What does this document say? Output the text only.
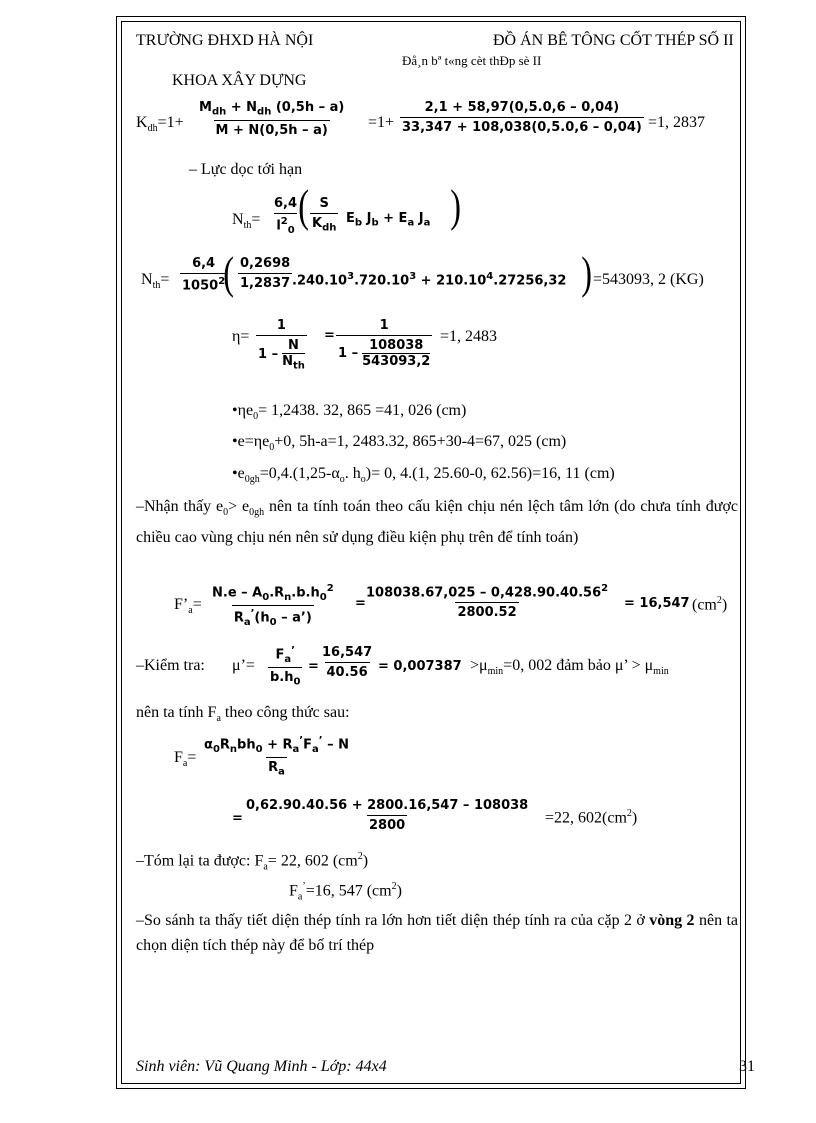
TRƯỜNG ĐHXD HÀ NỘI	ĐỒ ÁN BÊ TÔNG CỐT THÉP SỐ II
Ðå¸n bª t«ng cèt thÐp sè II
KHOA XÂY DỰNG
$K_{dh}=1+$
$M_{dh} + N_{dh}$ (0,5h – a)
M + N(0,5h – a)	$=1+ \frac{2,1 + 58,97(0,5.0,6 - 0,04)}{33,347 + 108,038(0,5.0,6 - 0,04)} =1$, 2837
– Lực dọc tới hạn
$N_{th}= \frac{6,4}{l^2_0}$ ( S
$K_{dh}$
$E_b$ $J_b + E_a$ $J_a$ )
$N_{th}= \frac{6,4}{1050^2}$
( $\frac{0,2698}{1,2837} .240.10^3.720.10^3 + 210.10^4.27256,32$ ) =543093, 2 (KG)
η=
1
1 –
N
$N_{th}$
= 1
1 –
108038
543093,2 =1, 2483
$•\eta e_0= 1,2438$. 32, 865 =41, 026 (cm)
$•e=\eta e_0+0$, 5h-a=1, 2483.32, 865+30-4=67, 025 (cm)
$•e_{0gh}=0,4.(1,25-\alpha_o$. $h_o)= 0$, 4.(1, 25.60-0, 62.56)=16, 11 (cm)
–Nhận thấy $e_0> e_{0gh}$ nên ta tính toán theo cấu kiện chịu nén lệch tâm lớn (do chưa tính được chiều cao vùng chịu nén nên sử dụng điều kiện phụ trên để tính toán)
$F’_a= \frac{N.e - A_0.R_n.b.h_0^2}{R_a^’(h_0 - a’)}$ =
$\frac{108038.67,025 - 0,428.90.40.56^2}{2800.52} = 16,547$ $(cm^2)$
–Kiểm tra: μ’= $\frac{F_a^’}{b.h_0} = \frac{16,547}{40.56} = 0,007387 >\mu_{min}=0$, 002 đảm bảo μ’ > $\mu_{min}$
nên ta tính $F_a$ theo công thức sau:
$F_a=$
$\alpha_0R_nbh_0 + R_a^’F_a^’ - N$
$R_a$
= $\frac{0,62.90.40.56 + 2800.16,547 - 108038}{2800} =22$, $602(cm^2)$
–Tóm lại ta được: $F_a= 22$, 602 $(cm^2)$
$F_a^’=16$, 547 $(cm^2)$
–So sánh ta thấy tiết diện thép tính ra lớn hơn tiết diện thép tính ra của cặp 2 ở vòng 2 nên ta chọn diện tích thép này để bố trí thép
Sinh viên: Vũ Quang Minh - Lớp: 44x4	31
